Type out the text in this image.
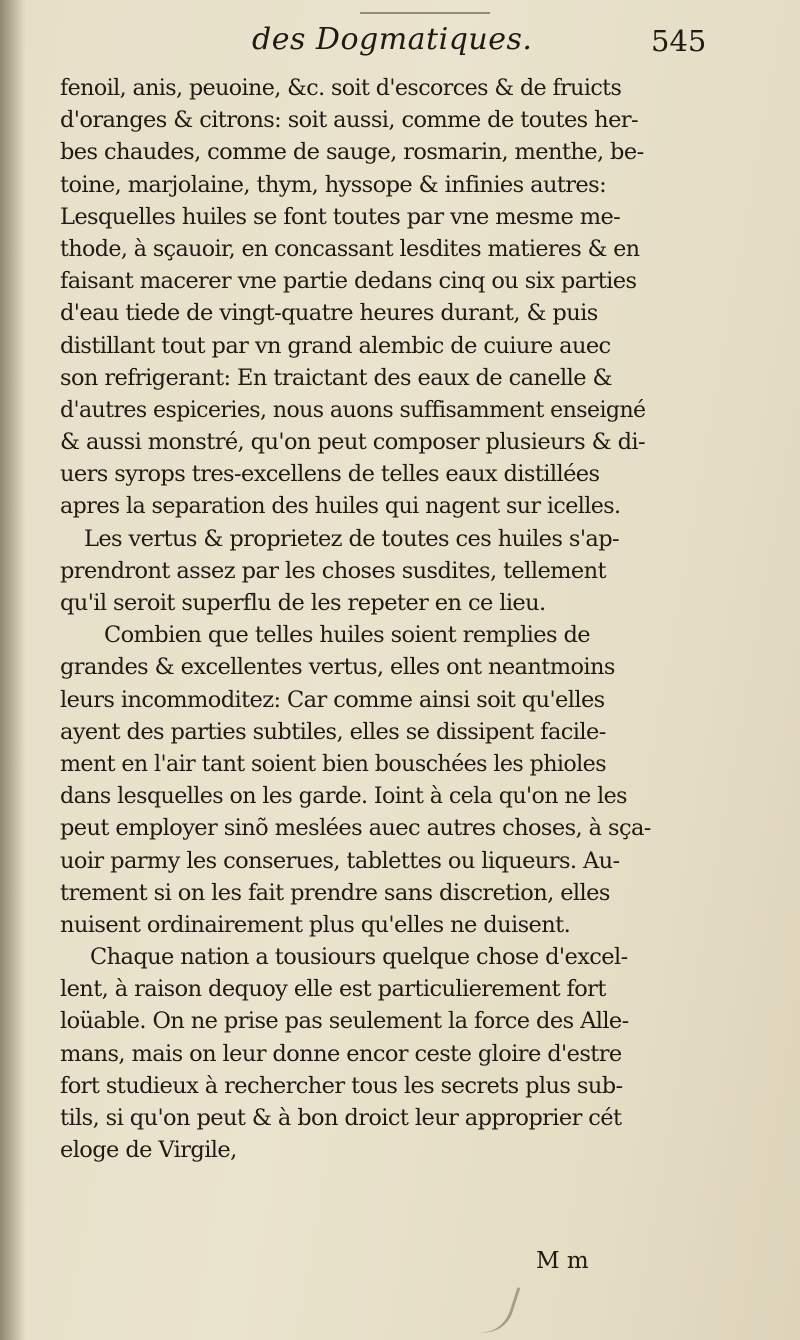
des Dogmatiques.	545
fenoil, anis, peuoine, &c. soit d'escorces & de fruicts
d'oranges & citrons: soit aussi, comme de toutes her-
bes chaudes, comme de sauge, rosmarin, menthe, be-
toine, marjolaine, thym, hyssope & infinies autres:
Lesquelles huiles se font toutes par vne mesme me-
thode, à sçauoir, en concassant lesdites matieres & en
faisant macerer vne partie dedans cinq ou six parties
d'eau tiede de vingt-quatre heures durant, & puis
distillant tout par vn grand alembic de cuiure auec
son refrigerant: En traictant des eaux de canelle &
d'autres espiceries, nous auons suffisamment enseigné
& aussi monstré, qu'on peut composer plusieurs & di-
uers syrops tres-excellens de telles eaux distillées
apres la separation des huiles qui nagent sur icelles.
Les vertus & proprietez de toutes ces huiles s'ap-
prendront assez par les choses susdites, tellement
qu'il seroit superflu de les repeter en ce lieu.
Combien que telles huiles soient remplies de
grandes & excellentes vertus, elles ont neantmoins
leurs incommoditez: Car comme ainsi soit qu'elles
ayent des parties subtiles, elles se dissipent facile-
ment en l'air tant soient bien bouschées les phioles
dans lesquelles on les garde. Ioint à cela qu'on ne les
peut employer sinõ meslées auec autres choses, à sça-
uoir parmy les conserues, tablettes ou liqueurs. Au-
trement si on les fait prendre sans discretion, elles
nuisent ordinairement plus qu'elles ne duisent.
Chaque nation a tousiours quelque chose d'excel-
lent, à raison dequoy elle est particulierement fort
loüable. On ne prise pas seulement la force des Alle-
mans, mais on leur donne encor ceste gloire d'estre
fort studieux à rechercher tous les secrets plus sub-
tils, si qu'on peut & à bon droict leur approprier cét
eloge de Virgile,
M m
